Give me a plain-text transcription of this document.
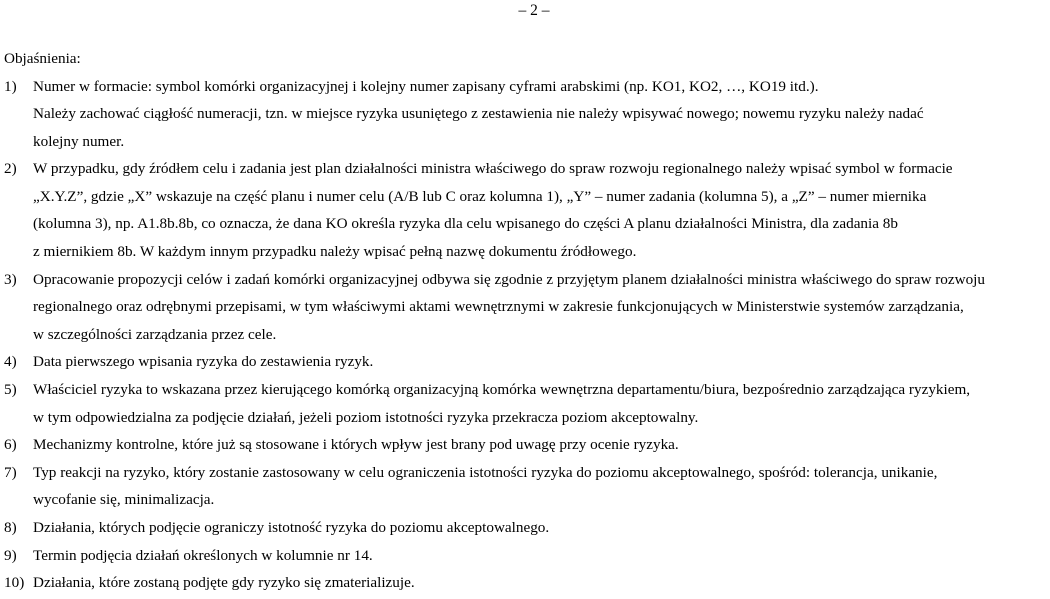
– 2 –
Objaśnienia:
1)	Numer w formacie: symbol komórki organizacyjnej i kolejny numer zapisany cyframi arabskimi (np. KO1, KO2, …, KO19 itd.).
Należy zachować ciągłość numeracji, tzn. w miejsce ryzyka usuniętego z zestawienia nie należy wpisywać nowego; nowemu ryzyku należy nadać
kolejny numer.
2)	W przypadku, gdy źródłem celu i zadania jest plan działalności ministra właściwego do spraw rozwoju regionalnego należy wpisać symbol w formacie
„X.Y.Z”, gdzie „X” wskazuje na część planu i numer celu (A/B lub C oraz kolumna 1), „Y” – numer zadania (kolumna 5), a „Z” – numer miernika
(kolumna 3), np. A1.8b.8b, co oznacza, że dana KO określa ryzyka dla celu wpisanego do części A planu działalności Ministra, dla zadania 8b
z miernikiem 8b. W każdym innym przypadku należy wpisać pełną nazwę dokumentu źródłowego.
3)	Opracowanie propozycji celów i zadań komórki organizacyjnej odbywa się zgodnie z przyjętym planem działalności ministra właściwego do spraw rozwoju
regionalnego oraz odrębnymi przepisami, w tym właściwymi aktami wewnętrznymi w zakresie funkcjonujących w Ministerstwie systemów zarządzania,
w szczególności zarządzania przez cele.
4)	Data pierwszego wpisania ryzyka do zestawienia ryzyk.
5)	Właściciel ryzyka to wskazana przez kierującego komórką organizacyjną komórka wewnętrzna departamentu/biura, bezpośrednio zarządzająca ryzykiem,
w tym odpowiedzialna za podjęcie działań, jeżeli poziom istotności ryzyka przekracza poziom akceptowalny.
6)	Mechanizmy kontrolne, które już są stosowane i których wpływ jest brany pod uwagę przy ocenie ryzyka.
7)	Typ reakcji na ryzyko, który zostanie zastosowany w celu ograniczenia istotności ryzyka do poziomu akceptowalnego, spośród: tolerancja, unikanie,
wycofanie się, minimalizacja.
8)	Działania, których podjęcie ograniczy istotność ryzyka do poziomu akceptowalnego.
9)	Termin podjęcia działań określonych w kolumnie nr 14.
10) Działania, które zostaną podjęte gdy ryzyko się zmaterializuje.
